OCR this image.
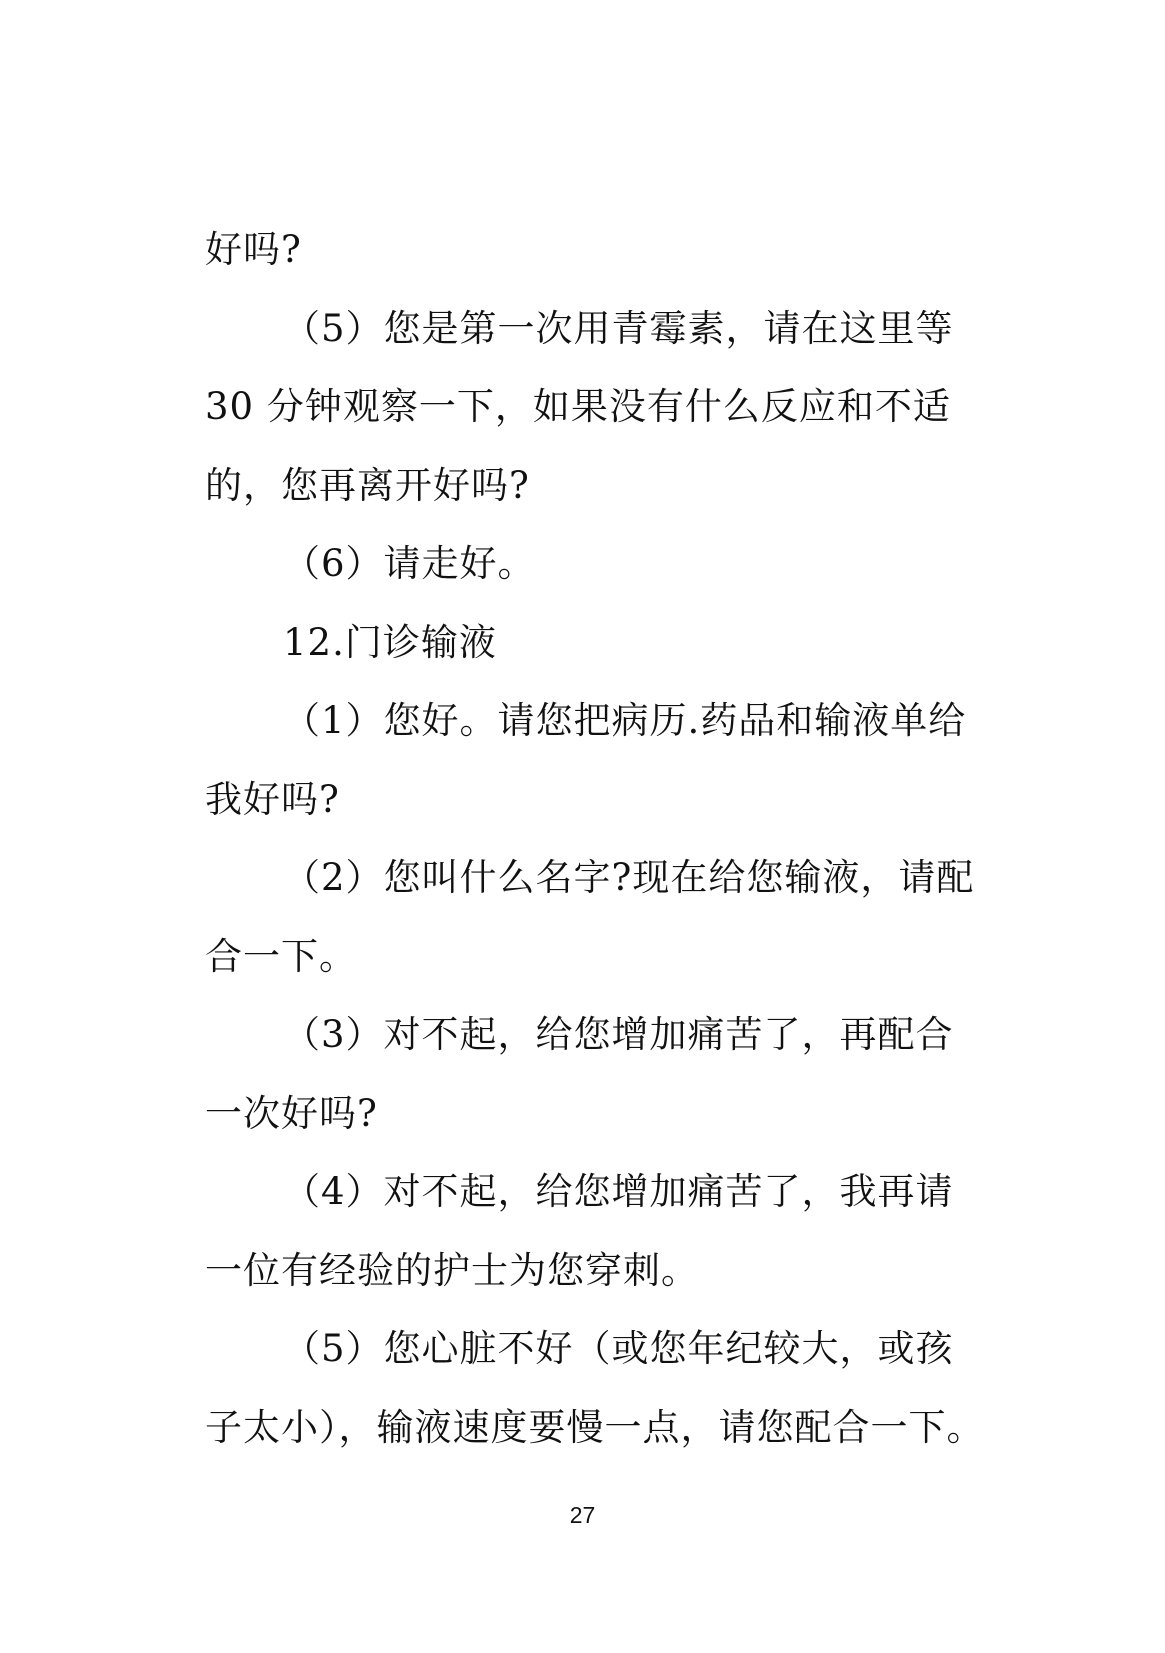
好吗?
（5）您是第一次用青霉素，请在这里等
30 分钟观察一下，如果没有什么反应和不适
的，您再离开好吗?
（6）请走好。
12.门诊输液
（1）您好。请您把病历.药品和输液单给
我好吗?
（2）您叫什么名字?现在给您输液，请配
合一下。
（3）对不起，给您增加痛苦了，再配合
一次好吗?
（4）对不起，给您增加痛苦了，我再请
一位有经验的护士为您穿刺。
（5）您心脏不好（或您年纪较大，或孩
子太小），输液速度要慢一点，请您配合一下。
27
